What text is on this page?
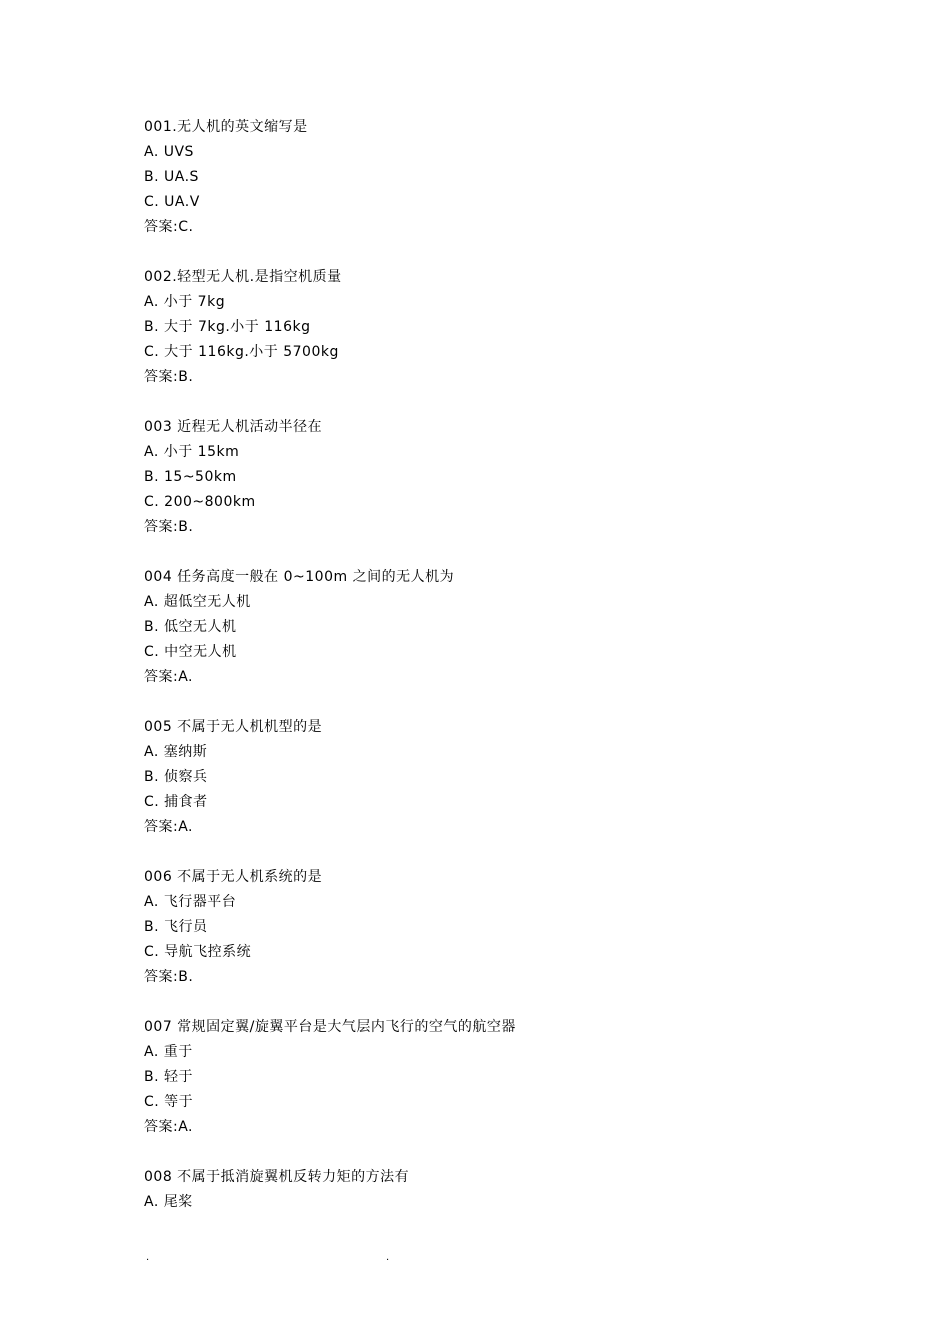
001.无人机的英文缩写是
A. UVS
B. UA.S
C. UA.V
答案:C.
002.轻型无人机.是指空机质量
A. 小于 7kg
B. 大于 7kg.小于 116kg
C. 大于 116kg.小于 5700kg
答案:B.
003 近程无人机活动半径在
A. 小于 15km
B. 15~50km
C. 200~800km
答案:B.
004 任务高度一般在 0~100m 之间的无人机为
A. 超低空无人机
B. 低空无人机
C. 中空无人机
答案:A.
005 不属于无人机机型的是
A. 塞纳斯
B. 侦察兵
C. 捕食者
答案:A.
006 不属于无人机系统的是
A. 飞行器平台
B. 飞行员
C. 导航飞控系统
答案:B.
007 常规固定翼/旋翼平台是大气层内飞行的空气的航空器
A. 重于
B. 轻于
C. 等于
答案:A.
008 不属于抵消旋翼机反转力矩的方法有
A. 尾桨
.	.
